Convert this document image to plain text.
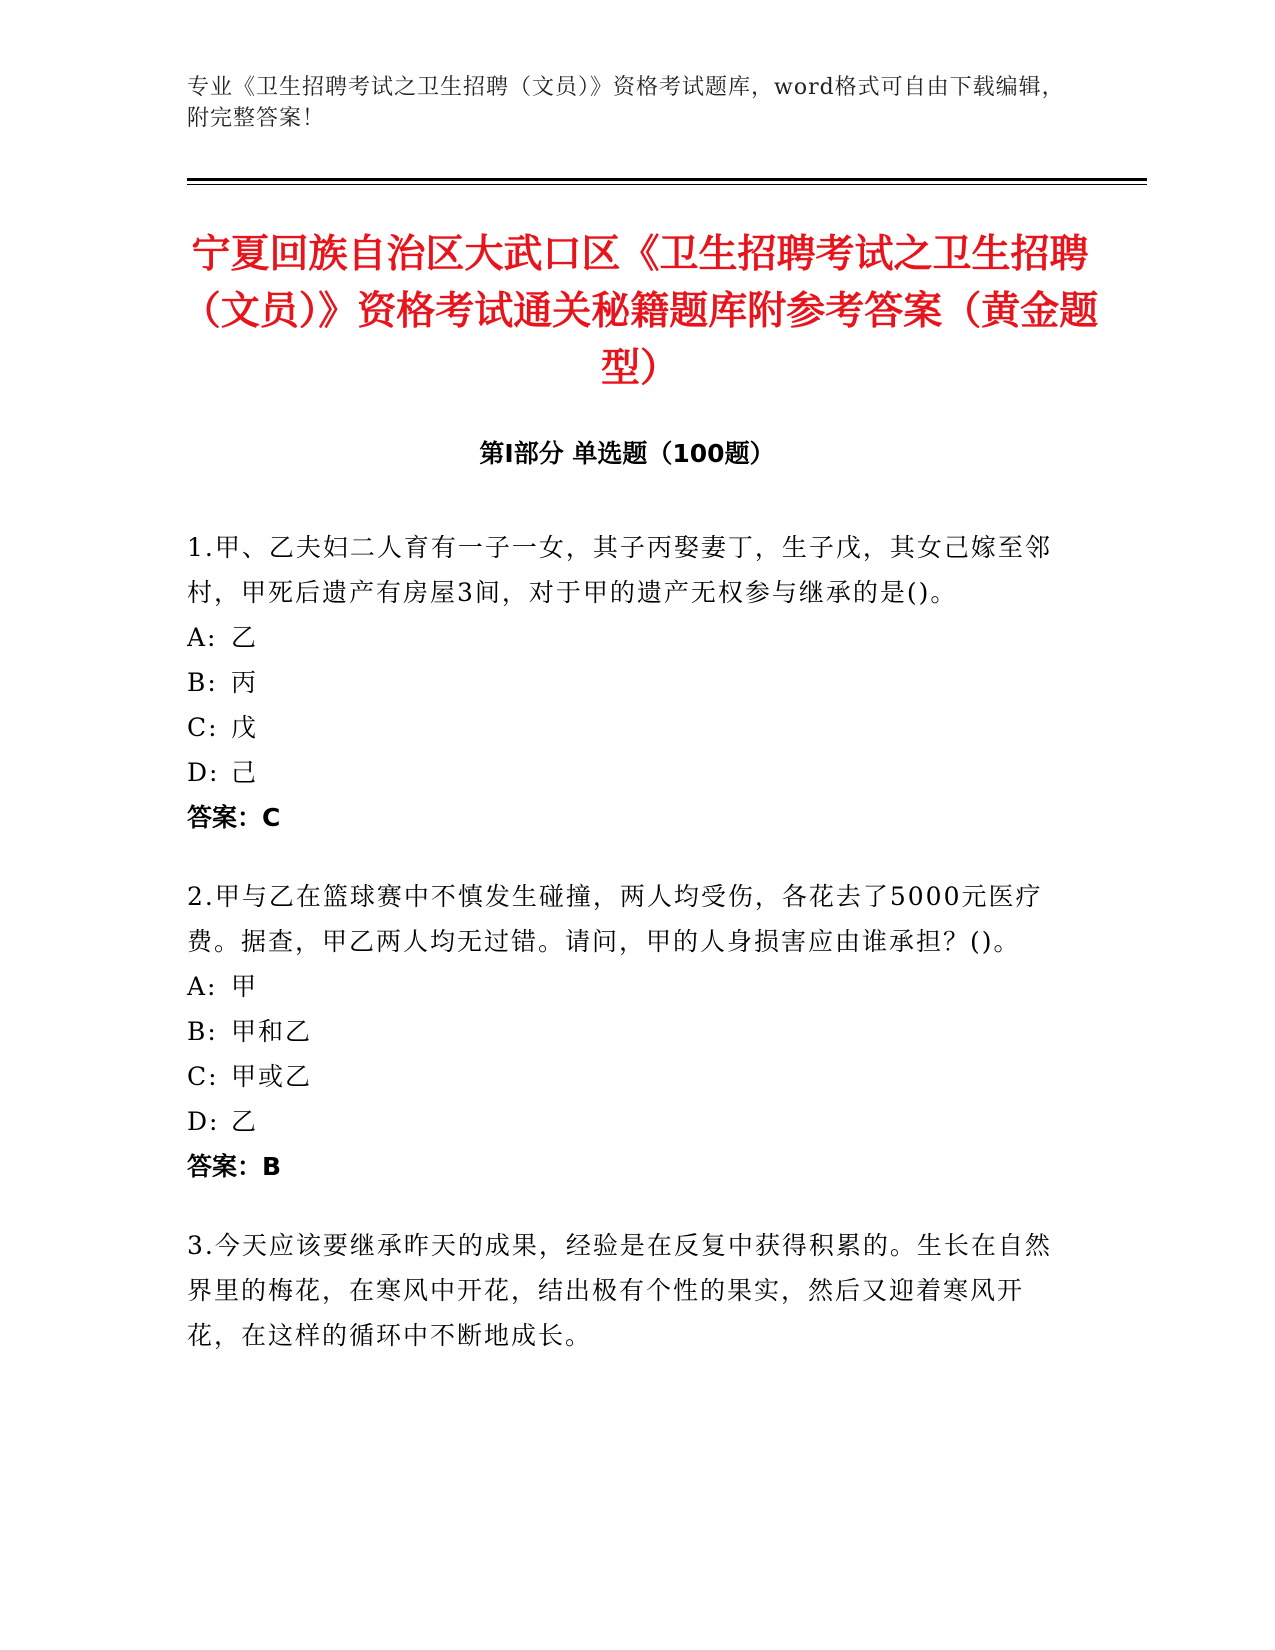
专业《卫生招聘考试之卫生招聘（文员）》资格考试题库，word格式可自由下载编辑，附完整答案！
宁夏回族自治区大武口区《卫生招聘考试之卫生招聘（文员）》资格考试通关秘籍题库附参考答案（黄金题型）
第Ⅰ部分 单选题（100题）

1.甲、乙夫妇二人育有一子一女，其子丙娶妻丁，生子戊，其女己嫁至邻村，甲死后遗产有房屋3间，对于甲的遗产无权参与继承的是()。

A: 乙
B: 丙
C: 戊
D: 己

答案：C

2.甲与乙在篮球赛中不慎发生碰撞，两人均受伤，各花去了5000元医疗费。据查，甲乙两人均无过错。请问，甲的人身损害应由谁承担？()。

A: 甲
B: 甲和乙
C: 甲或乙
D: 乙

答案：B

3.今天应该要继承昨天的成果，经验是在反复中获得积累的。生长在自然界里的梅花，在寒风中开花，结出极有个性的果实，然后又迎着寒风开花，在这样的循环中不断地成长。
